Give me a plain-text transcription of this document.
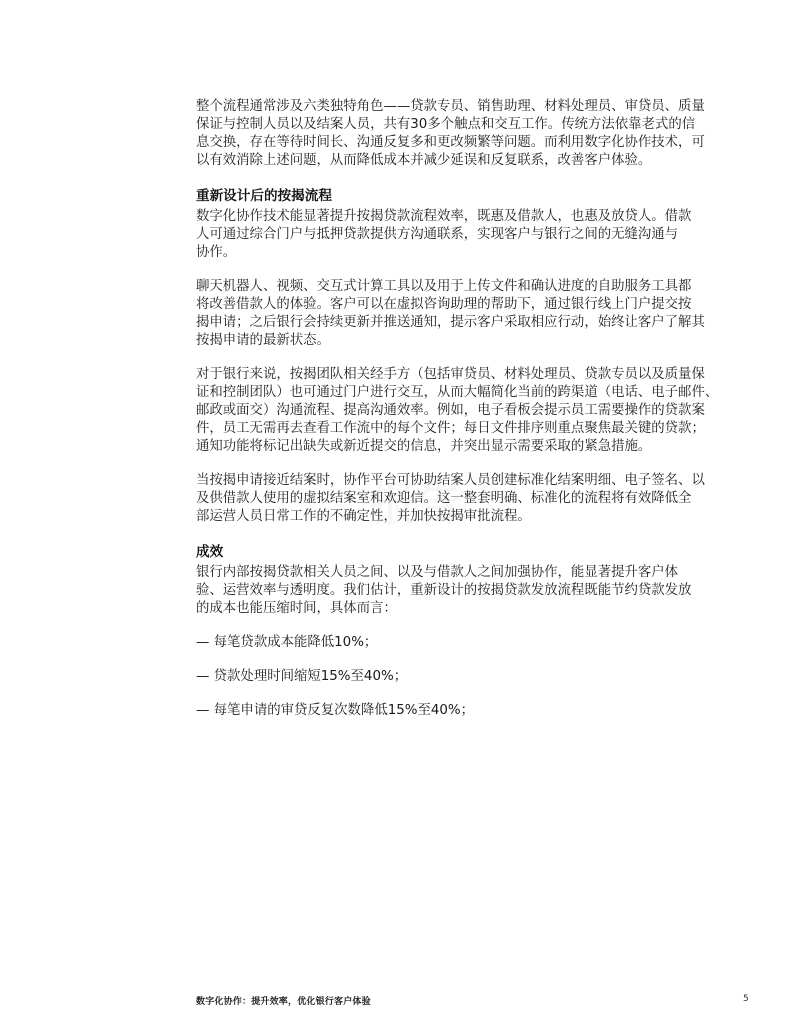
报告

整个流程通常涉及六类独特角色——贷款专员、销售助理、材料处理员、审贷员、质量
保证与控制人员以及结案人员，共有30多个触点和交互工作。传统方法依靠老式的信
息交换，存在等待时间长、沟通反复多和更改频繁等问题。而利用数字化协作技术，可
以有效消除上述问题，从而降低成本并减少延误和反复联系，改善客户体验。

重新设计后的按揭流程

数字化协作技术能显著提升按揭贷款流程效率，既惠及借款人，也惠及放贷人。借款
人可通过综合门户与抵押贷款提供方沟通联系，实现客户与银行之间的无缝沟通与
协作。

聊天机器人、视频、交互式计算工具以及用于上传文件和确认进度的自助服务工具都
将改善借款人的体验。客户可以在虚拟咨询助理的帮助下，通过银行线上门户提交按
揭申请；之后银行会持续更新并推送通知，提示客户采取相应行动，始终让客户了解其
按揭申请的最新状态。

对于银行来说，按揭团队相关经手方（包括审贷员、材料处理员、贷款专员以及质量保
证和控制团队）也可通过门户进行交互，从而大幅简化当前的跨渠道（电话、电子邮件、
邮政或面交）沟通流程、提高沟通效率。例如，电子看板会提示员工需要操作的贷款案
件，员工无需再去查看工作流中的每个文件；每日文件排序则重点聚焦最关键的贷款；
通知功能将标记出缺失或新近提交的信息，并突出显示需要采取的紧急措施。

当按揭申请接近结案时，协作平台可协助结案人员创建标准化结案明细、电子签名、以
及供借款人使用的虚拟结案室和欢迎信。这一整套明确、标准化的流程将有效降低全
部运营人员日常工作的不确定性，并加快按揭审批流程。

成效

银行内部按揭贷款相关人员之间、以及与借款人之间加强协作，能显著提升客户体
验、运营效率与透明度。我们估计，重新设计的按揭贷款发放流程既能节约贷款发放
的成本也能压缩时间，具体而言：

— 每笔贷款成本能降低10%；

— 贷款处理时间缩短15%至40%；

— 每笔申请的审贷反复次数降低15%至40%；

数字化协作：提升效率，优化银行客户体验	5
